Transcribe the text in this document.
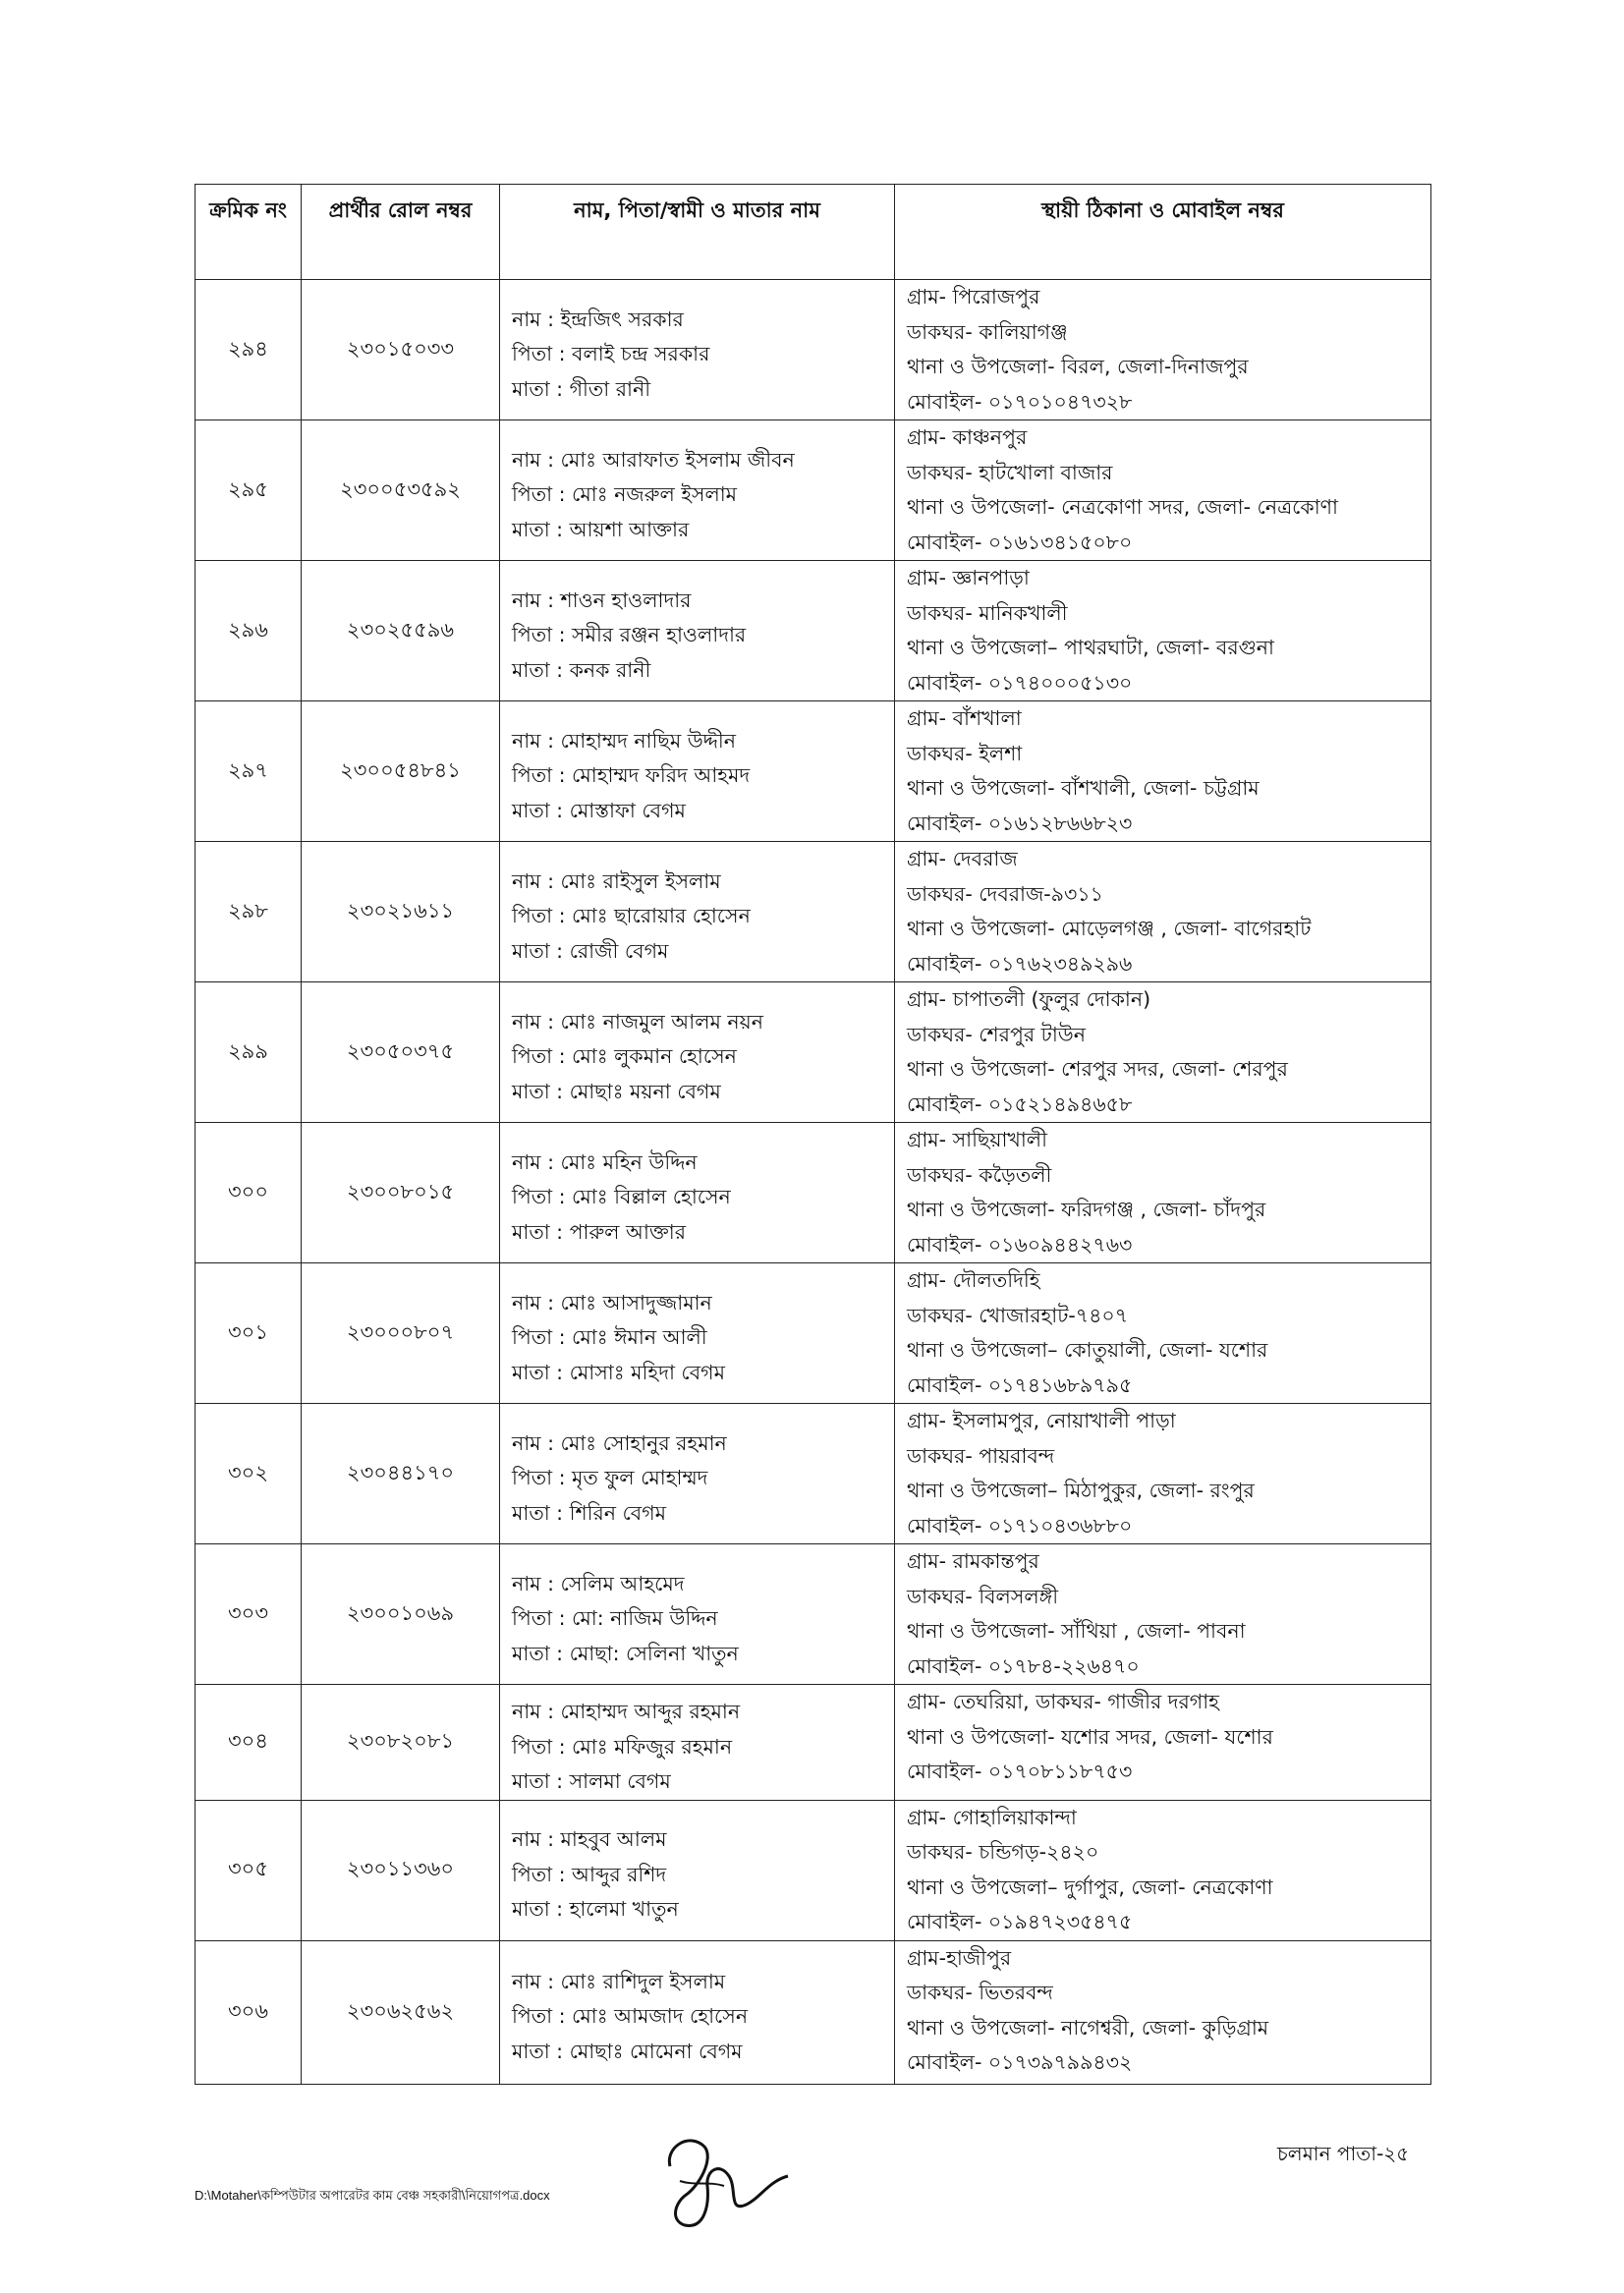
ক্রমিক নং	প্রার্থীর রোল নম্বর	নাম, পিতা/স্বামী ও মাতার নাম	স্থায়ী ঠিকানা ও মোবাইল নম্বর
২৯৪	২৩০১৫০৩৩	নাম : ইন্দ্রজিৎ সরকার
পিতা : বলাই চন্দ্র সরকার
মাতা : গীতা রানী	গ্রাম- পিরোজপুর
ডাকঘর- কালিয়াগঞ্জ
থানা ও উপজেলা- বিরল, জেলা-দিনাজপুর
মোবাইল- ০১৭০১০৪৭৩২৮

২৯৫	২৩০০৫৩৫৯২	নাম : মোঃ আরাফাত ইসলাম জীবন
পিতা : মোঃ নজরুল ইসলাম
মাতা : আয়শা আক্তার	গ্রাম- কাঞ্চনপুর
ডাকঘর- হাটখোলা বাজার
থানা ও উপজেলা- নেত্রকোণা সদর, জেলা- নেত্রকোণা
মোবাইল- ০১৬১৩৪১৫০৮০

২৯৬	২৩০২৫৫৯৬	নাম : শাওন হাওলাদার
পিতা : সমীর রঞ্জন হাওলাদার
মাতা : কনক রানী	গ্রাম- জ্ঞানপাড়া
ডাকঘর- মানিকখালী
থানা ও উপজেলা– পাথরঘাটা, জেলা- বরগুনা
মোবাইল- ০১৭৪০০০৫১৩০

২৯৭	২৩০০৫৪৮৪১	নাম : মোহাম্মদ নাছিম উদ্দীন
পিতা : মোহাম্মদ ফরিদ আহমদ
মাতা : মোস্তাফা বেগম	গ্রাম- বাঁশখালা
ডাকঘর- ইলশা
থানা ও উপজেলা- বাঁশখালী, জেলা- চট্টগ্রাম
মোবাইল- ০১৬১২৮৬৬৮২৩

২৯৮	২৩০২১৬১১	নাম : মোঃ রাইসুল ইসলাম
পিতা : মোঃ ছারোয়ার হোসেন
মাতা : রোজী বেগম	গ্রাম- দেবরাজ
ডাকঘর- দেবরাজ-৯৩১১
থানা ও উপজেলা- মোড়েলগঞ্জ , জেলা- বাগেরহাট
মোবাইল- ০১৭৬২৩৪৯২৯৬

২৯৯	২৩০৫০৩৭৫	নাম : মোঃ নাজমুল আলম নয়ন
পিতা : মোঃ লুকমান হোসেন
মাতা : মোছাঃ ময়না বেগম	গ্রাম- চাপাতলী (ফুলুর দোকান)
ডাকঘর- শেরপুর টাউন
থানা ও উপজেলা- শেরপুর সদর, জেলা- শেরপুর
মোবাইল- ০১৫২১৪৯৪৬৫৮

৩০০	২৩০০৮০১৫	নাম : মোঃ মহিন উদ্দিন
পিতা : মোঃ বিল্লাল হোসেন
মাতা : পারুল আক্তার	গ্রাম- সাছিয়াখালী
ডাকঘর- কড়ৈতলী
থানা ও উপজেলা- ফরিদগঞ্জ , জেলা- চাঁদপুর
মোবাইল- ০১৬০৯৪৪২৭৬৩

৩০১	২৩০০০৮০৭	নাম : মোঃ আসাদুজ্জামান
পিতা : মোঃ ঈমান আলী
মাতা : মোসাঃ মহিদা বেগম	গ্রাম- দৌলতদিহি
ডাকঘর- খোজারহাট-৭৪০৭
থানা ও উপজেলা– কোতুয়ালী, জেলা- যশোর
মোবাইল- ০১৭৪১৬৮৯৭৯৫

৩০২	২৩০৪৪১৭০	নাম : মোঃ সোহানুর রহমান
পিতা : মৃত ফুল মোহাম্মদ
মাতা : শিরিন বেগম	গ্রাম- ইসলামপুর, নোয়াখালী পাড়া
ডাকঘর- পায়রাবন্দ
থানা ও উপজেলা– মিঠাপুকুর, জেলা- রংপুর
মোবাইল- ০১৭১০৪৩৬৮৮০

৩০৩	২৩০০১০৬৯	নাম : সেলিম আহমেদ
পিতা : মো: নাজিম উদ্দিন
মাতা : মোছা: সেলিনা খাতুন	গ্রাম- রামকান্তপুর
ডাকঘর- বিলসলঙ্গী
থানা ও উপজেলা- সাঁথিয়া , জেলা- পাবনা
মোবাইল- ০১৭৮৪-২২৬৪৭০

৩০৪	২৩০৮২০৮১	নাম : মোহাম্মদ আব্দুর রহমান
পিতা : মোঃ মফিজুর রহমান
মাতা : সালমা বেগম	গ্রাম- তেঘরিয়া, ডাকঘর- গাজীর দরগাহ
থানা ও উপজেলা- যশোর সদর, জেলা- যশোর
মোবাইল- ০১৭০৮১১৮৭৫৩

৩০৫	২৩০১১৩৬০	নাম : মাহবুব আলম
পিতা : আব্দুর রশিদ
মাতা : হালেমা খাতুন	গ্রাম- গোহালিয়াকান্দা
ডাকঘর- চন্ডিগড়-২৪২০
থানা ও উপজেলা– দুর্গাপুর, জেলা- নেত্রকোণা
মোবাইল- ০১৯৪৭২৩৫৪৭৫

৩০৬	২৩০৬২৫৬২	নাম : মোঃ রাশিদুল ইসলাম
পিতা : মোঃ আমজাদ হোসেন
মাতা : মোছাঃ মোমেনা বেগম	গ্রাম-হাজীপুর
ডাকঘর- ভিতরবন্দ
থানা ও উপজেলা- নাগেশ্বরী, জেলা- কুড়িগ্রাম
মোবাইল- ০১৭৩৯৭৯৯৪৩২
D:\Motaher\কম্পিউটার অপারেটর কাম বেঞ্চ সহকারী\নিয়োগপত্র.docx
চলমান পাতা-২৫
